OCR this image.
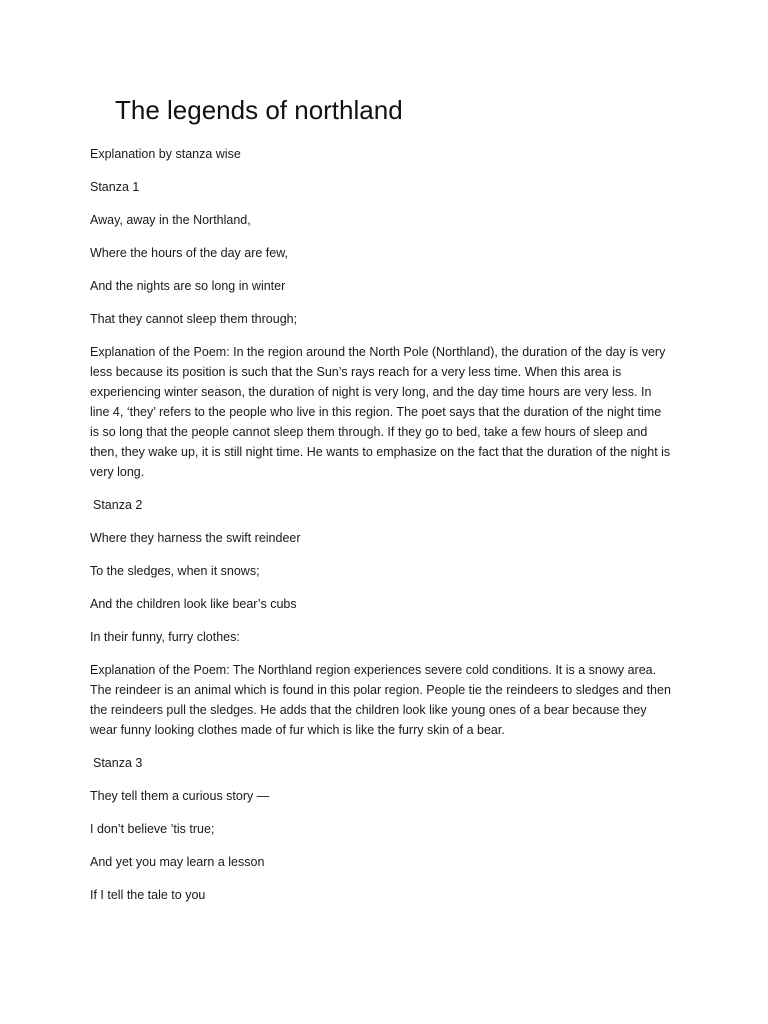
The legends of northland

Explanation by stanza wise

Stanza 1

Away, away in the Northland,

Where the hours of the day are few,

And the nights are so long in winter

That they cannot sleep them through;

Explanation of the Poem: In the region around the North Pole (Northland), the duration of the day is very less because its position is such that the Sun’s rays reach for a very less time. When this area is experiencing winter season, the duration of night is very long, and the day time hours are very less. In line 4, ‘they’ refers to the people who live in this region. The poet says that the duration of the night time is so long that the people cannot sleep them through. If they go to bed, take a few hours of sleep and then, they wake up, it is still night time. He wants to emphasize on the fact that the duration of the night is very long.

Stanza 2

Where they harness the swift reindeer

To the sledges, when it snows;

And the children look like bear’s cubs

In their funny, furry clothes:

Explanation of the Poem: The Northland region experiences severe cold conditions. It is a snowy area. The reindeer is an animal which is found in this polar region. People tie the reindeers to sledges and then the reindeers pull the sledges. He adds that the children look like young ones of a bear because they wear funny looking clothes made of fur which is like the furry skin of a bear.

Stanza 3

They tell them a curious story —

I don’t believe ’tis true;

And yet you may learn a lesson

If I tell the tale to you
